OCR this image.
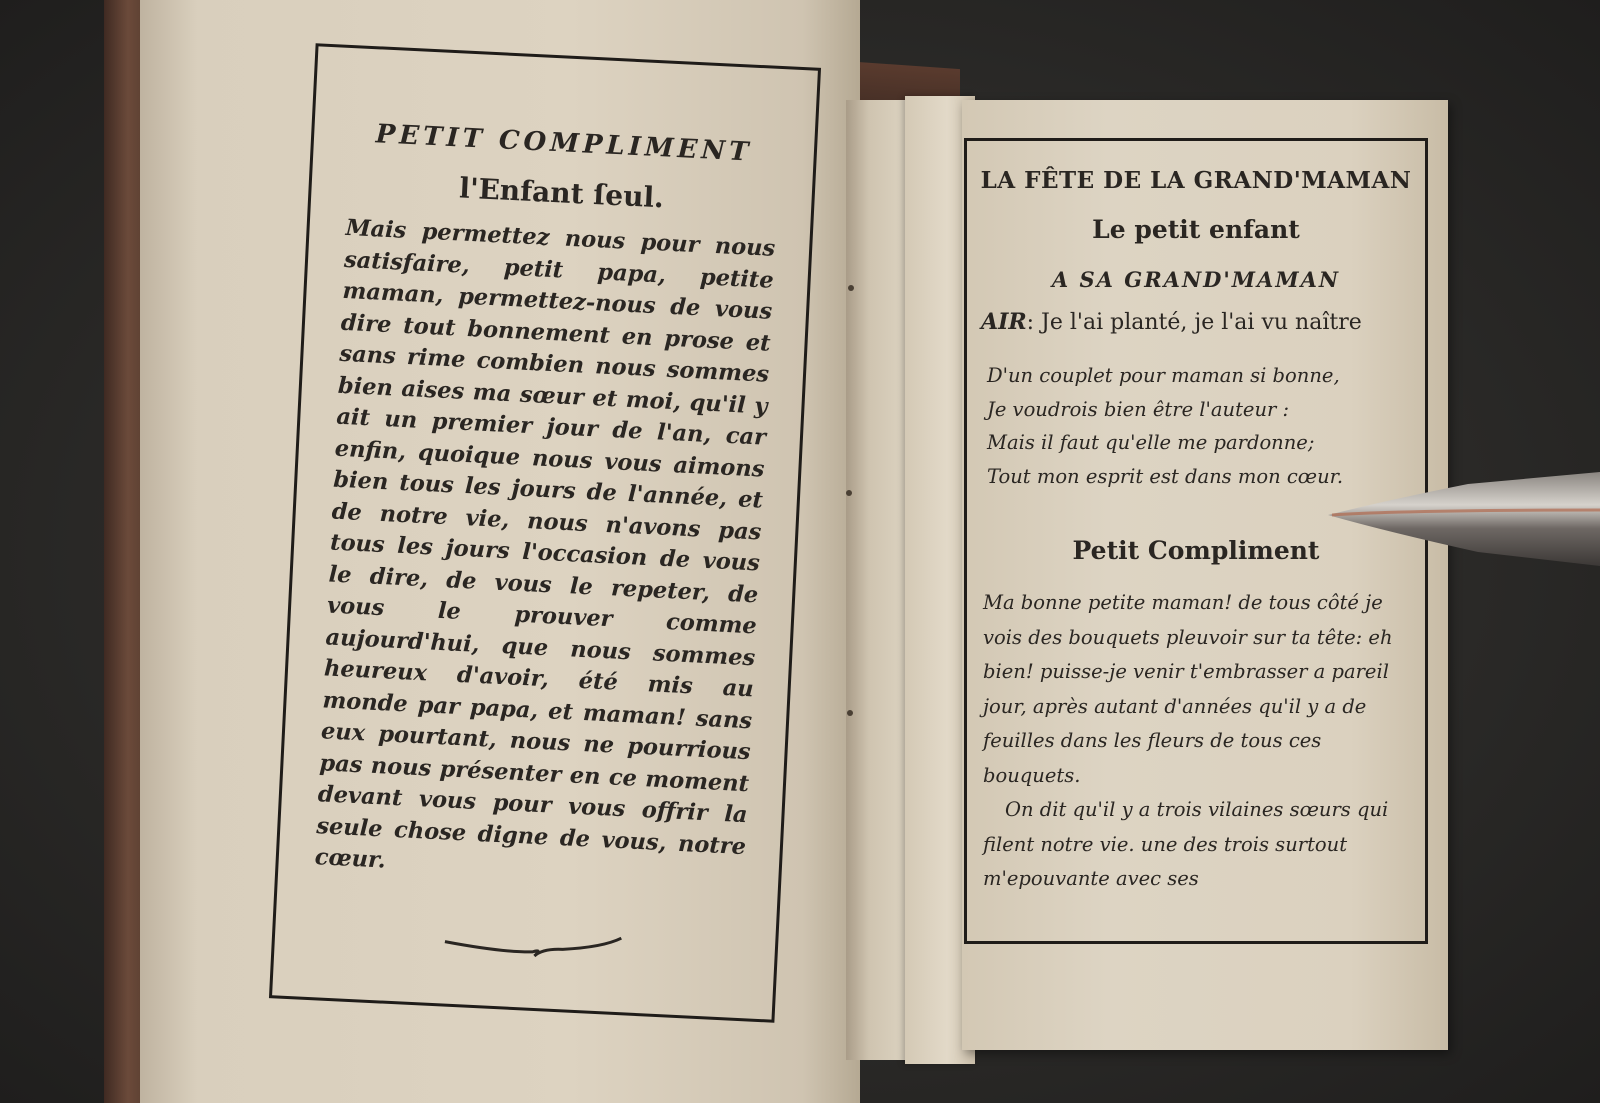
PETIT COMPLIMENT
l'Enfant ſeul.
Mais permettez nous pour nous satisfaire, petit papa, petite maman, permettez-nous de vous dire tout bonnement en prose et sans rime combien nous sommes bien aises ma sœur et moi, qu'il y ait un premier jour de l'an, car enfin, quoique nous vous aimons bien tous les jours de l'année, et de notre vie, nous n'avons pas tous les jours l'occasion de vous le dire, de vous le repeter, de vous le prouver comme aujourd'hui, que nous sommes heureux d'avoir, été mis au monde par papa, et maman! sans eux pourtant, nous ne pourrious pas nous présenter en ce moment devant vous pour vous offrir la seule chose digne de vous, notre cœur.
LA FÊTE DE LA GRAND'MAMAN
Le petit enfant
A SA GRAND'MAMAN
AIR: Je l'ai planté, je l'ai vu naître
D'un couplet pour maman si bonne,
Je voudrois bien être l'auteur :
Mais il faut qu'elle me pardonne;
Tout mon esprit est dans mon cœur.
Petit Compliment

Ma bonne petite maman! de tous côté je vois des bouquets pleuvoir sur ta tête: eh bien! puisse-je venir t'embrasser a pareil jour, après autant d'années qu'il y a de feuilles dans les fleurs de tous ces bouquets.

On dit qu'il y a trois vilaines sœurs qui filent notre vie. une des trois surtout m'epouvante avec ses
